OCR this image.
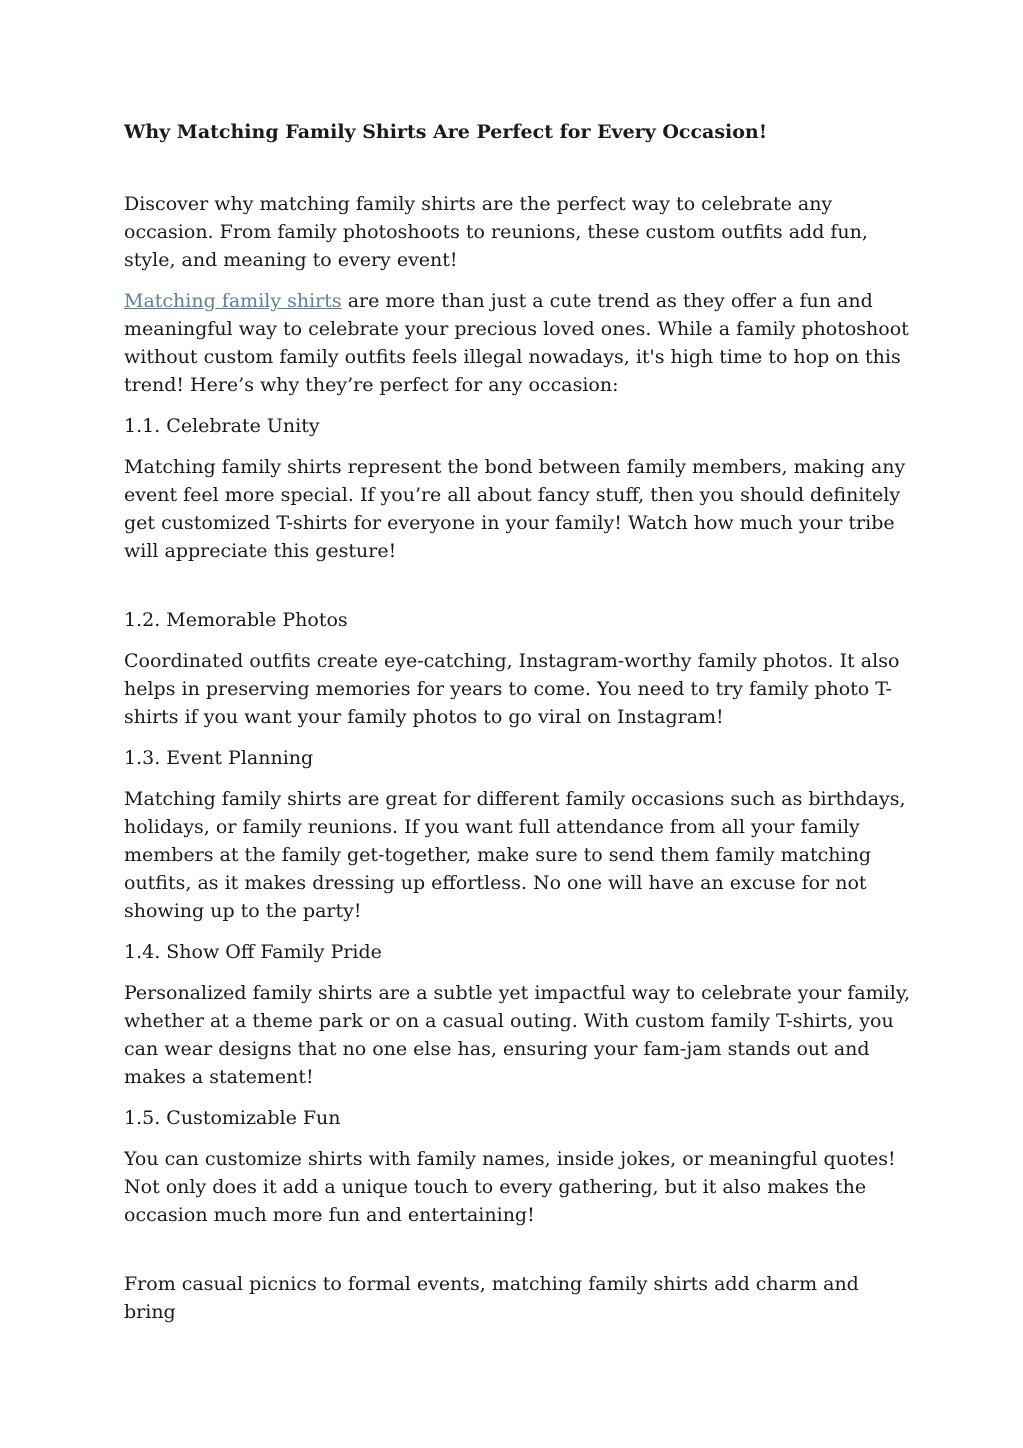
Why Matching Family Shirts Are Perfect for Every Occasion!
Discover why matching family shirts are the perfect way to celebrate any occasion. From family photoshoots to reunions, these custom outfits add fun, style, and meaning to every event!
Matching family shirts are more than just a cute trend as they offer a fun and meaningful way to celebrate your precious loved ones. While a family photoshoot without custom family outfits feels illegal nowadays, it's high time to hop on this trend! Here’s why they’re perfect for any occasion:
1.1. Celebrate Unity
Matching family shirts represent the bond between family members, making any event feel more special. If you’re all about fancy stuff, then you should definitely get customized T-shirts for everyone in your family! Watch how much your tribe will appreciate this gesture!
1.2. Memorable Photos
Coordinated outfits create eye-catching, Instagram-worthy family photos. It also helps in preserving memories for years to come. You need to try family photo T-shirts if you want your family photos to go viral on Instagram!
1.3. Event Planning
Matching family shirts are great for different family occasions such as birthdays, holidays, or family reunions. If you want full attendance from all your family members at the family get-together, make sure to send them family matching outfits, as it makes dressing up effortless. No one will have an excuse for not showing up to the party!
1.4. Show Off Family Pride
Personalized family shirts are a subtle yet impactful way to celebrate your family, whether at a theme park or on a casual outing. With custom family T-shirts, you can wear designs that no one else has, ensuring your fam-jam stands out and makes a statement!
1.5. Customizable Fun
You can customize shirts with family names, inside jokes, or meaningful quotes! Not only does it add a unique touch to every gathering, but it also makes the occasion much more fun and entertaining!
From casual picnics to formal events, matching family shirts add charm and bring
